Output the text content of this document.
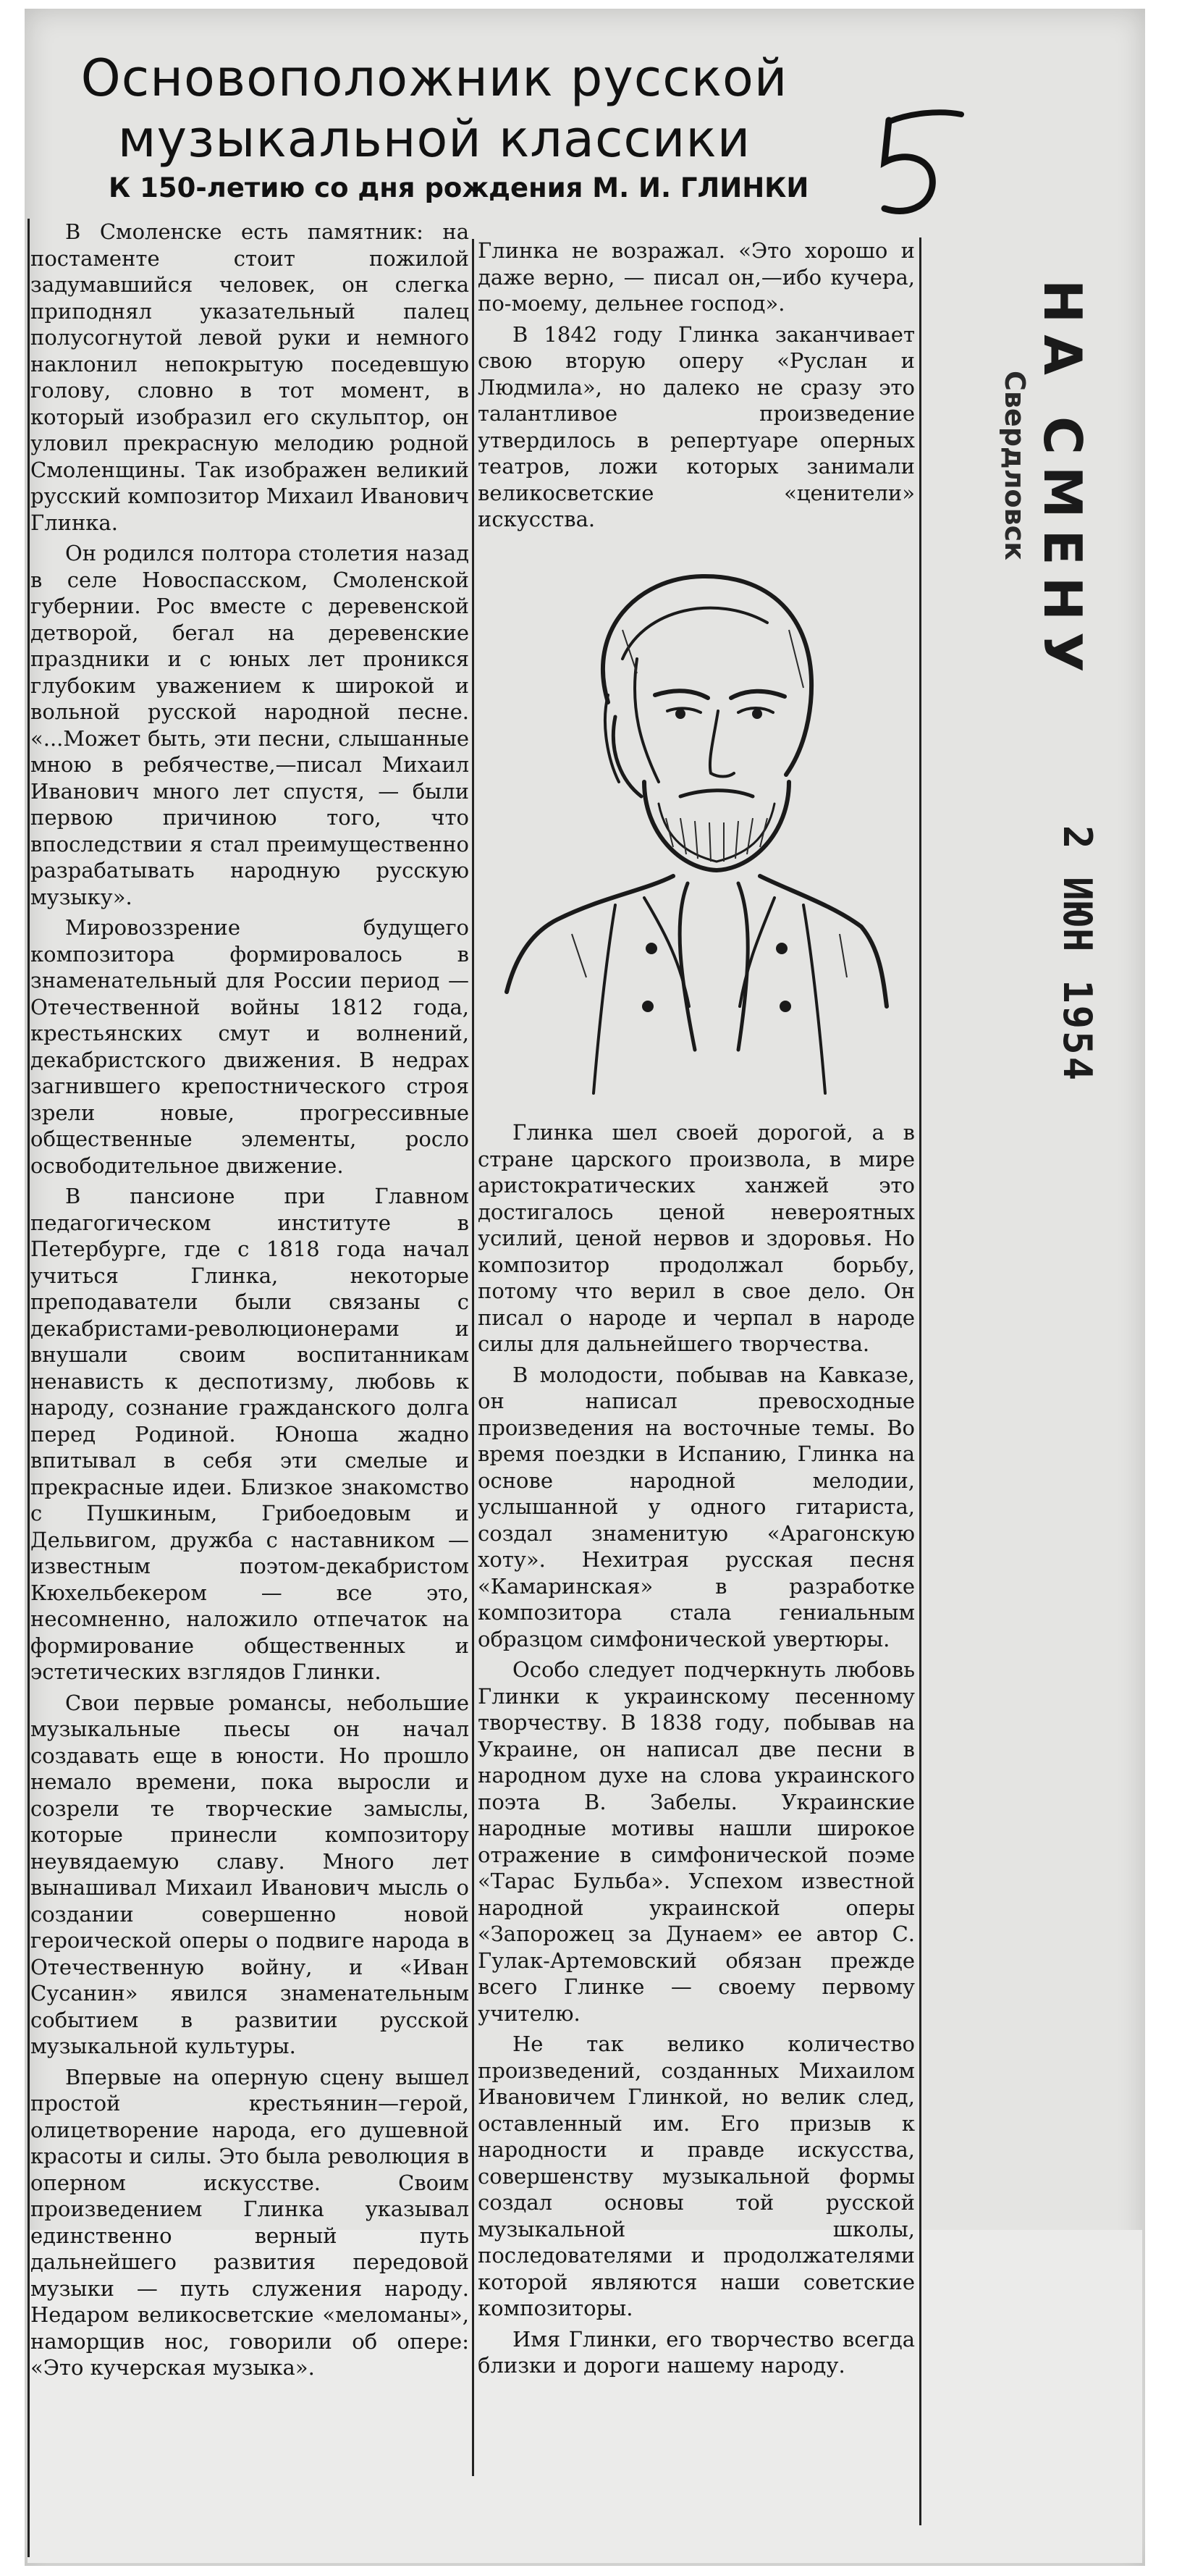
Основоположник русской
музыкальной классики
К 150-летию со дня рождения М. И. ГЛИНКИ

В Смоленске есть памятник: на постаменте стоит пожилой задумавшийся человек, он слегка приподнял указательный палец полусогнутой левой руки и немного наклонил непокрытую поседевшую голову, словно в тот момент, в который изобразил его скульптор, он уловил прекрасную мелодию родной Смоленщины. Так изображен великий русский композитор Михаил Иванович Глинка.

Он родился полтора столетия назад в селе Новоспасском, Смоленской губернии. Рос вместе с деревенской детворой, бегал на деревенские праздники и с юных лет проникся глубоким уважением к широкой и вольной русской народной песне. «...Может быть, эти песни, слышанные мною в ребячестве,—писал Михаил Иванович много лет спустя, — были первою причиною того, что впоследствии я стал преимущественно разрабатывать народную русскую музыку».

Мировоззрение будущего композитора формировалось в знаменательный для России период — Отечественной войны 1812 года, крестьянских смут и волнений, декабристского движения. В недрах загнившего крепостнического строя зрели новые, прогрессивные общественные элементы, росло освободительное движение.

В пансионе при Главном педагогическом институте в Петербурге, где с 1818 года начал учиться Глинка, некоторые преподаватели были связаны с декабристами-революционерами и внушали своим воспитанникам ненависть к деспотизму, любовь к народу, сознание гражданского долга перед Родиной. Юноша жадно впитывал в себя эти смелые и прекрасные идеи. Близкое знакомство с Пушкиным, Грибоедовым и Дельвигом, дружба с наставником — известным поэтом-декабристом Кюхельбекером — все это, несомненно, наложило отпечаток на формирование общественных и эстетических взглядов Глинки.

Свои первые романсы, небольшие музыкальные пьесы он начал создавать еще в юности. Но прошло немало времени, пока выросли и созрели те творческие замыслы, которые принесли композитору неувядаемую славу. Много лет вынашивал Михаил Иванович мысль о создании совершенно новой героической оперы о подвиге народа в Отечественную войну, и «Иван Сусанин» явился знаменательным событием в развитии русской музыкальной культуры.

Впервые на оперную сцену вышел простой крестьянин—герой, олицетворение народа, его душевной красоты и силы. Это была революция в оперном искусстве. Своим произведением Глинка указывал единственно верный путь дальнейшего развития передовой музыки — путь служения народу. Недаром великосветские «меломаны», наморщив нос, говорили об опере: «Это кучерская музыка».

Глинка не возражал. «Это хорошо и даже верно, — писал он,—ибо кучера, по-моему, дельнее господ».

В 1842 году Глинка заканчивает свою вторую оперу «Руслан и Людмила», но далеко не сразу это талантливое произведение утвердилось в репертуаре оперных театров, ложи которых занимали великосветские «ценители» искусства.

Глинка шел своей дорогой, а в стране царского произвола, в мире аристократических ханжей это достигалось ценой невероятных усилий, ценой нервов и здоровья. Но композитор продолжал борьбу, потому что верил в свое дело. Он писал о народе и черпал в народе силы для дальнейшего творчества.

В молодости, побывав на Кавказе, он написал превосходные произведения на восточные темы. Во время поездки в Испанию, Глинка на основе народной мелодии, услышанной у одного гитариста, создал знаменитую «Арагонскую хоту». Нехитрая русская песня «Камаринская» в разработке композитора стала гениальным образцом симфонической увертюры.

Особо следует подчеркнуть любовь Глинки к украинскому песенному творчеству. В 1838 году, побывав на Украине, он написал две песни в народном духе на слова украинского поэта В. Забелы. Украинские народные мотивы нашли широкое отражение в симфонической поэме «Тарас Бульба». Успехом известной народной украинской оперы «Запорожец за Дунаем» ее автор С. Гулак-Артемовский обязан прежде всего Глинке — своему первому учителю.

Не так велико количество произведений, созданных Михаилом Ивановичем Глинкой, но велик след, оставленный им. Его призыв к народности и правде искусства, совершенству музыкальной формы создал основы той русской музыкальной школы, последователями и продолжателями которой являются наши советские композиторы.

Имя Глинки, его творчество всегда близки и дороги нашему народу.

НА СМЕНУ
Свердловск
2 ИЮН 1954
